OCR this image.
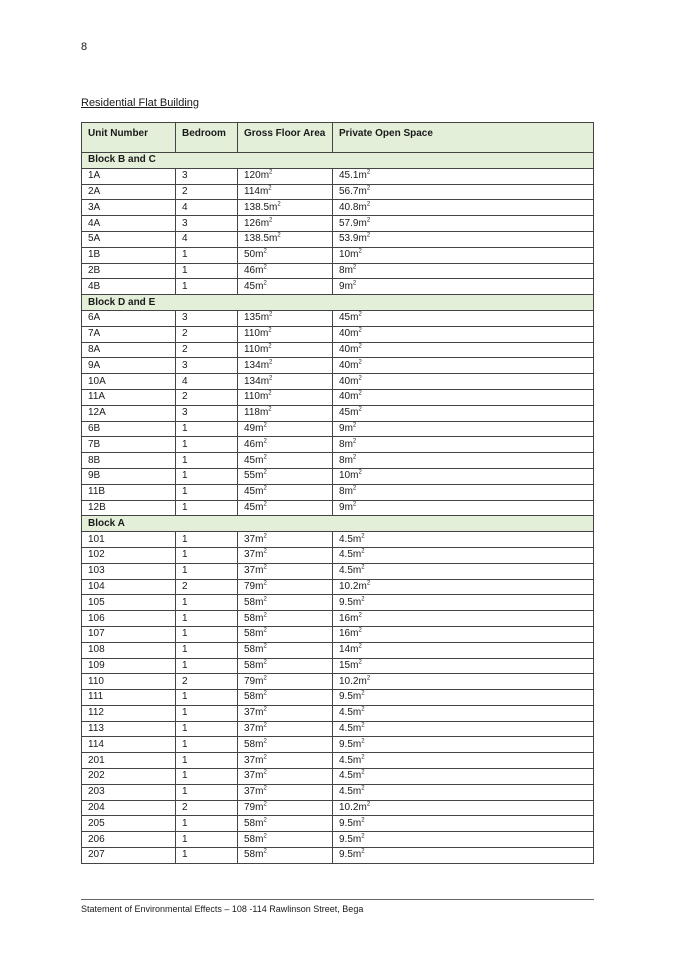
8
Residential Flat Building
Unit Number	Bedroom	Gross Floor Area	Private Open Space
Block B and C			
1A	3	$120m^2$	$45.1m^2$
2A	2	$114m^2$	$56.7m^2$
3A	4	$138.5m^2$	$40.8m^2$
4A	3	$126m^2$	$57.9m^2$
5A	4	$138.5m^2$	$53.9m^2$
1B	1	$50m^2$	$10m^2$
2B	1	$46m^2$	$8m^2$
4B	1	$45m^2$	$9m^2$
Block D and E			
6A	3	$135m^2$	$45m^2$
7A	2	$110m^2$	$40m^2$
8A	2	$110m^2$	$40m^2$
9A	3	$134m^2$	$40m^2$
10A	4	$134m^2$	$40m^2$
11A	2	$110m^2$	$40m^2$
12A	3	$118m^2$	$45m^2$
6B	1	$49m^2$	$9m^2$
7B	1	$46m^2$	$8m^2$
8B	1	$45m^2$	$8m^2$
9B	1	$55m^2$	$10m^2$
11B	1	$45m^2$	$8m^2$
12B	1	$45m^2$	$9m^2$
Block A			
101	1	$37m^2$	$4.5m^2$
102	1	$37m^2$	$4.5m^2$
103	1	$37m^2$	$4.5m^2$
104	2	$79m^2$	$10.2m^2$
105	1	$58m^2$	$9.5m^2$
106	1	$58m^2$	$16m^2$
107	1	$58m^2$	$16m^2$
108	1	$58m^2$	$14m^2$
109	1	$58m^2$	$15m^2$
110	2	$79m^2$	$10.2m^2$
111	1	$58m^2$	$9.5m^2$
112	1	$37m^2$	$4.5m^2$
113	1	$37m^2$	$4.5m^2$
114	1	$58m^2$	$9.5m^2$
201	1	$37m^2$	$4.5m^2$
202	1	$37m^2$	$4.5m^2$
203	1	$37m^2$	$4.5m^2$
204	2	$79m^2$	$10.2m^2$
205	1	$58m^2$	$9.5m^2$
206	1	$58m^2$	$9.5m^2$
207	1	$58m^2$	$9.5m^2$
Statement of Environmental Effects – 108 -114 Rawlinson Street, Bega
